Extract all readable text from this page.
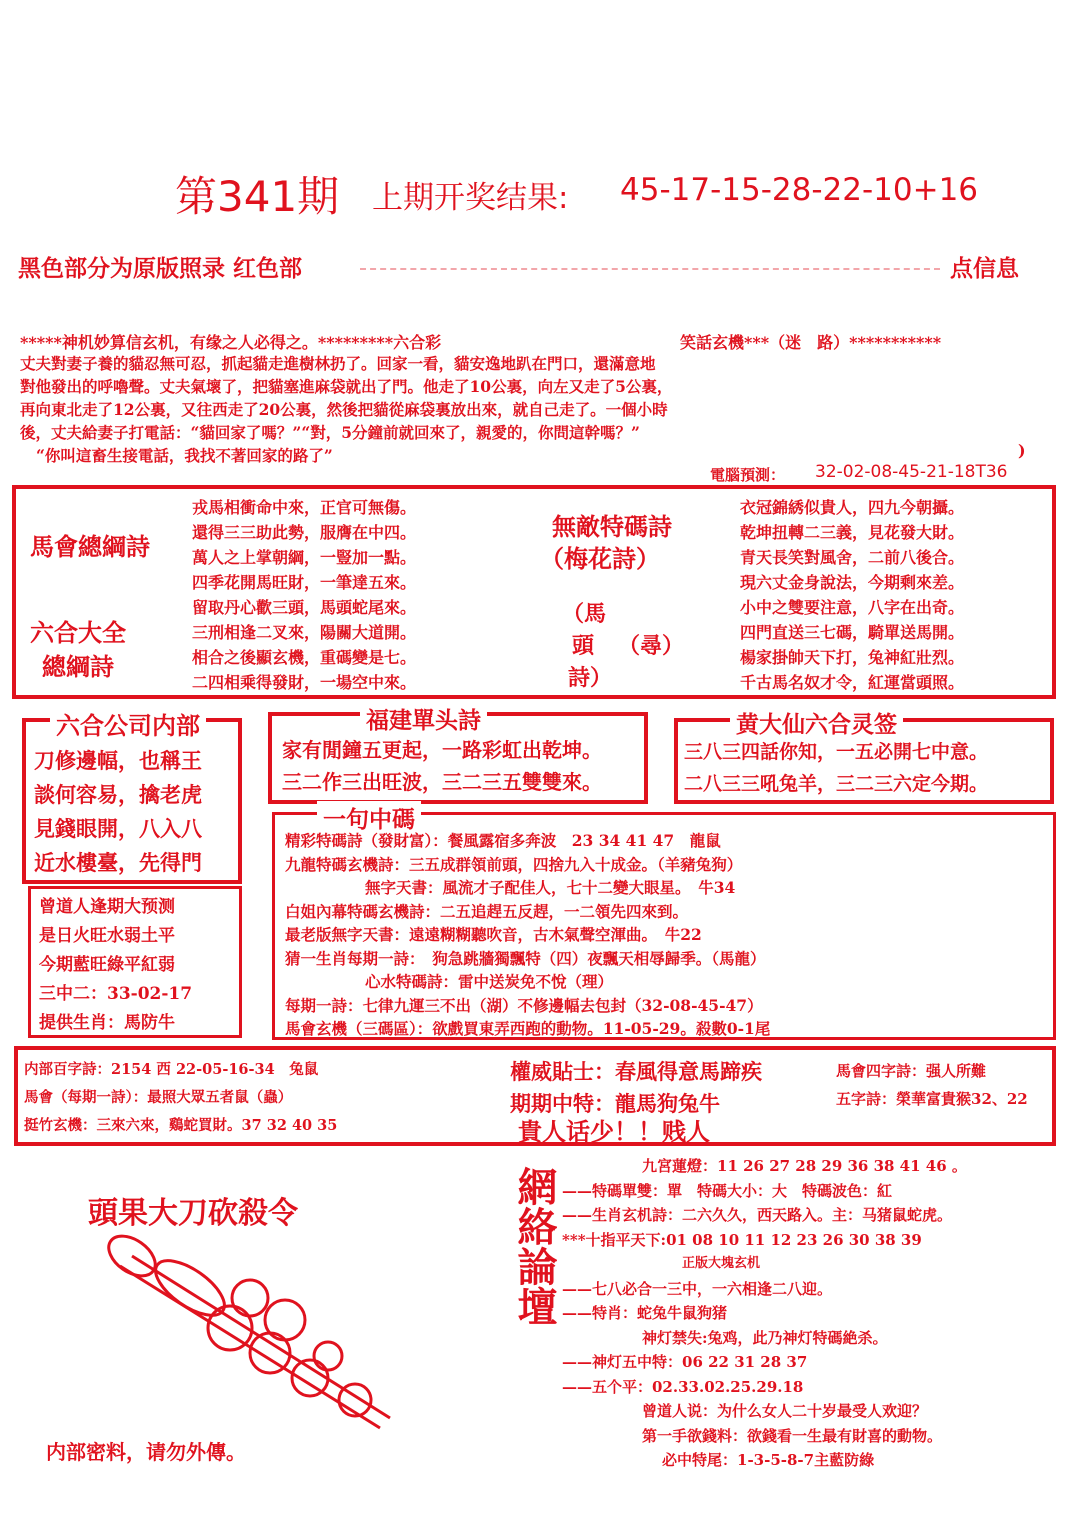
第341期 上期开奖结果: 45-17-15-28-22-10+16
黑色部分为原版照录 红色部	点信息
*****神机妙算信玄机，有缘之人必得之。*********六合彩	笑話玄機***（迷　路）***********
丈夫對妻子養的貓忍無可忍，抓起貓走進樹林扔了。回家一看，貓安逸地趴在門口，還滿意地
對他發出的呼嚕聲。丈夫氣壞了，把貓塞進麻袋就出了門。他走了10公裏，向左又走了5公裏，
再向東北走了12公裏，又往西走了20公裏，然後把貓從麻袋裏放出來，就自己走了。一個小時
後，丈夫給妻子打電話：“貓回家了嗎？”“對，5分鐘前就回來了，親愛的，你問這幹嗎？”
“你叫這畜生接電話，我找不著回家的路了”	)
電腦預測： 32-02-08-45-21-18T36
馬會總綱詩
六合大全
總綱詩
戎馬相衝命中來，正官可無傷。
還得三三助此勢，服膺在中四。
萬人之上掌朝綱，一豎加一點。
四季花開馬旺財，一筆達五來。
留取丹心歡三頭，馬頭蛇尾來。
三刑相逢二叉來，陽關大道開。
相合之後顯玄機，重碼變是七。
二四相乘得發財，一場空中來。
無敵特碼詩
（梅花詩）
（馬
頭 （尋）
詩）
衣冠錦綉似貴人，四九今朝攝。
乾坤扭轉二三義，見花發大財。
青天長笑對風舍，二前八後合。
現六丈金身說法，今期剩來差。
小中之雙要注意，八字在出奇。
四門直送三七碼，騎單送馬開。
楊家掛帥天下打，兔神紅壯烈。
千古馬名奴才令，紅運當頭照。
六合公司内部
刀修邊幅，也稱王
談何容易，擒老虎
見錢眼開，八入八
近水樓臺，先得門
福建單头詩
家有閒鐘五更起，一路彩虹出乾坤。
三二作三出旺波，三二三五雙雙來。
黄大仙六合灵签
三八三四話你知，一五必開七中意。
二八三三吼兔羊，三二三六定今期。
曾道人逢期大预测
是日火旺水弱土平
今期藍旺綠平紅弱
三中二：33-02-17
提供生肖：馬防牛
一句中碼
精彩特碼詩（發財富）：餐風露宿多奔波　23 34 41 47　龍鼠
九龍特碼玄機詩：三五成群領前頭，四捨九入十成金。（羊豬兔狗）
無字天書：風流才子配佳人，七十二變大眼星。　牛34
白姐內幕特碼玄機詩：二五追趕五反趕，一二領先四來到。
最老版無字天書：遠遠糊糊聽吹音，古木氣聲空渾曲。　牛22
猜一生肖每期一詩：　狗急跳牆獨飄特（四）夜飄天相辱歸季。（馬龍）
心水特碼詩：雷中送炭免不悅（理）
每期一詩：七律九運三不出（湖）不修邊幅去包封（32-08-45-47）
馬會玄機（三碼區）：欲戲買東弄西跑的動物。11-05-29。殺數0-1尾
内部百字詩：2154 西 22-05-16-34　兔鼠
馬會（每期一詩）：最照大眾五者鼠（蟲）
挺竹玄機：三來六來，鷄蛇買財。37 32 40 35
權威貼士：春風得意馬蹄疾	馬會四字詩：强人所難
期期中特：龍馬狗兔牛	五字詩：榮華富貴猴32、22
貴人话少！！贱人
頭果大刀砍殺令
内部密料，请勿外傳。
網絡論壇	九宮蓮燈：11 26 27 28 29 36 38 41 46 。
——特碼單雙：單　特碼大小：大　特碼波色：紅
——生肖玄机詩：二六久久，西天路入。主：马猪鼠蛇虎。
***十指平天下:01 08 10 11 12 23 26 30 38 39
正版大塊玄机
——七八必合一三中，一六相逢二八迎。
——特肖：蛇兔牛鼠狗猪
神灯禁失:兔鸡，此乃神灯特碼絶杀。
——神灯五中特：06 22 31 28 37
——五个平：02.33.02.25.29.18
曾道人说：为什么女人二十岁最受人欢迎？
第一手欲錢料：欲錢看一生最有財喜的動物。
必中特尾：1-3-5-8-7主藍防綠
